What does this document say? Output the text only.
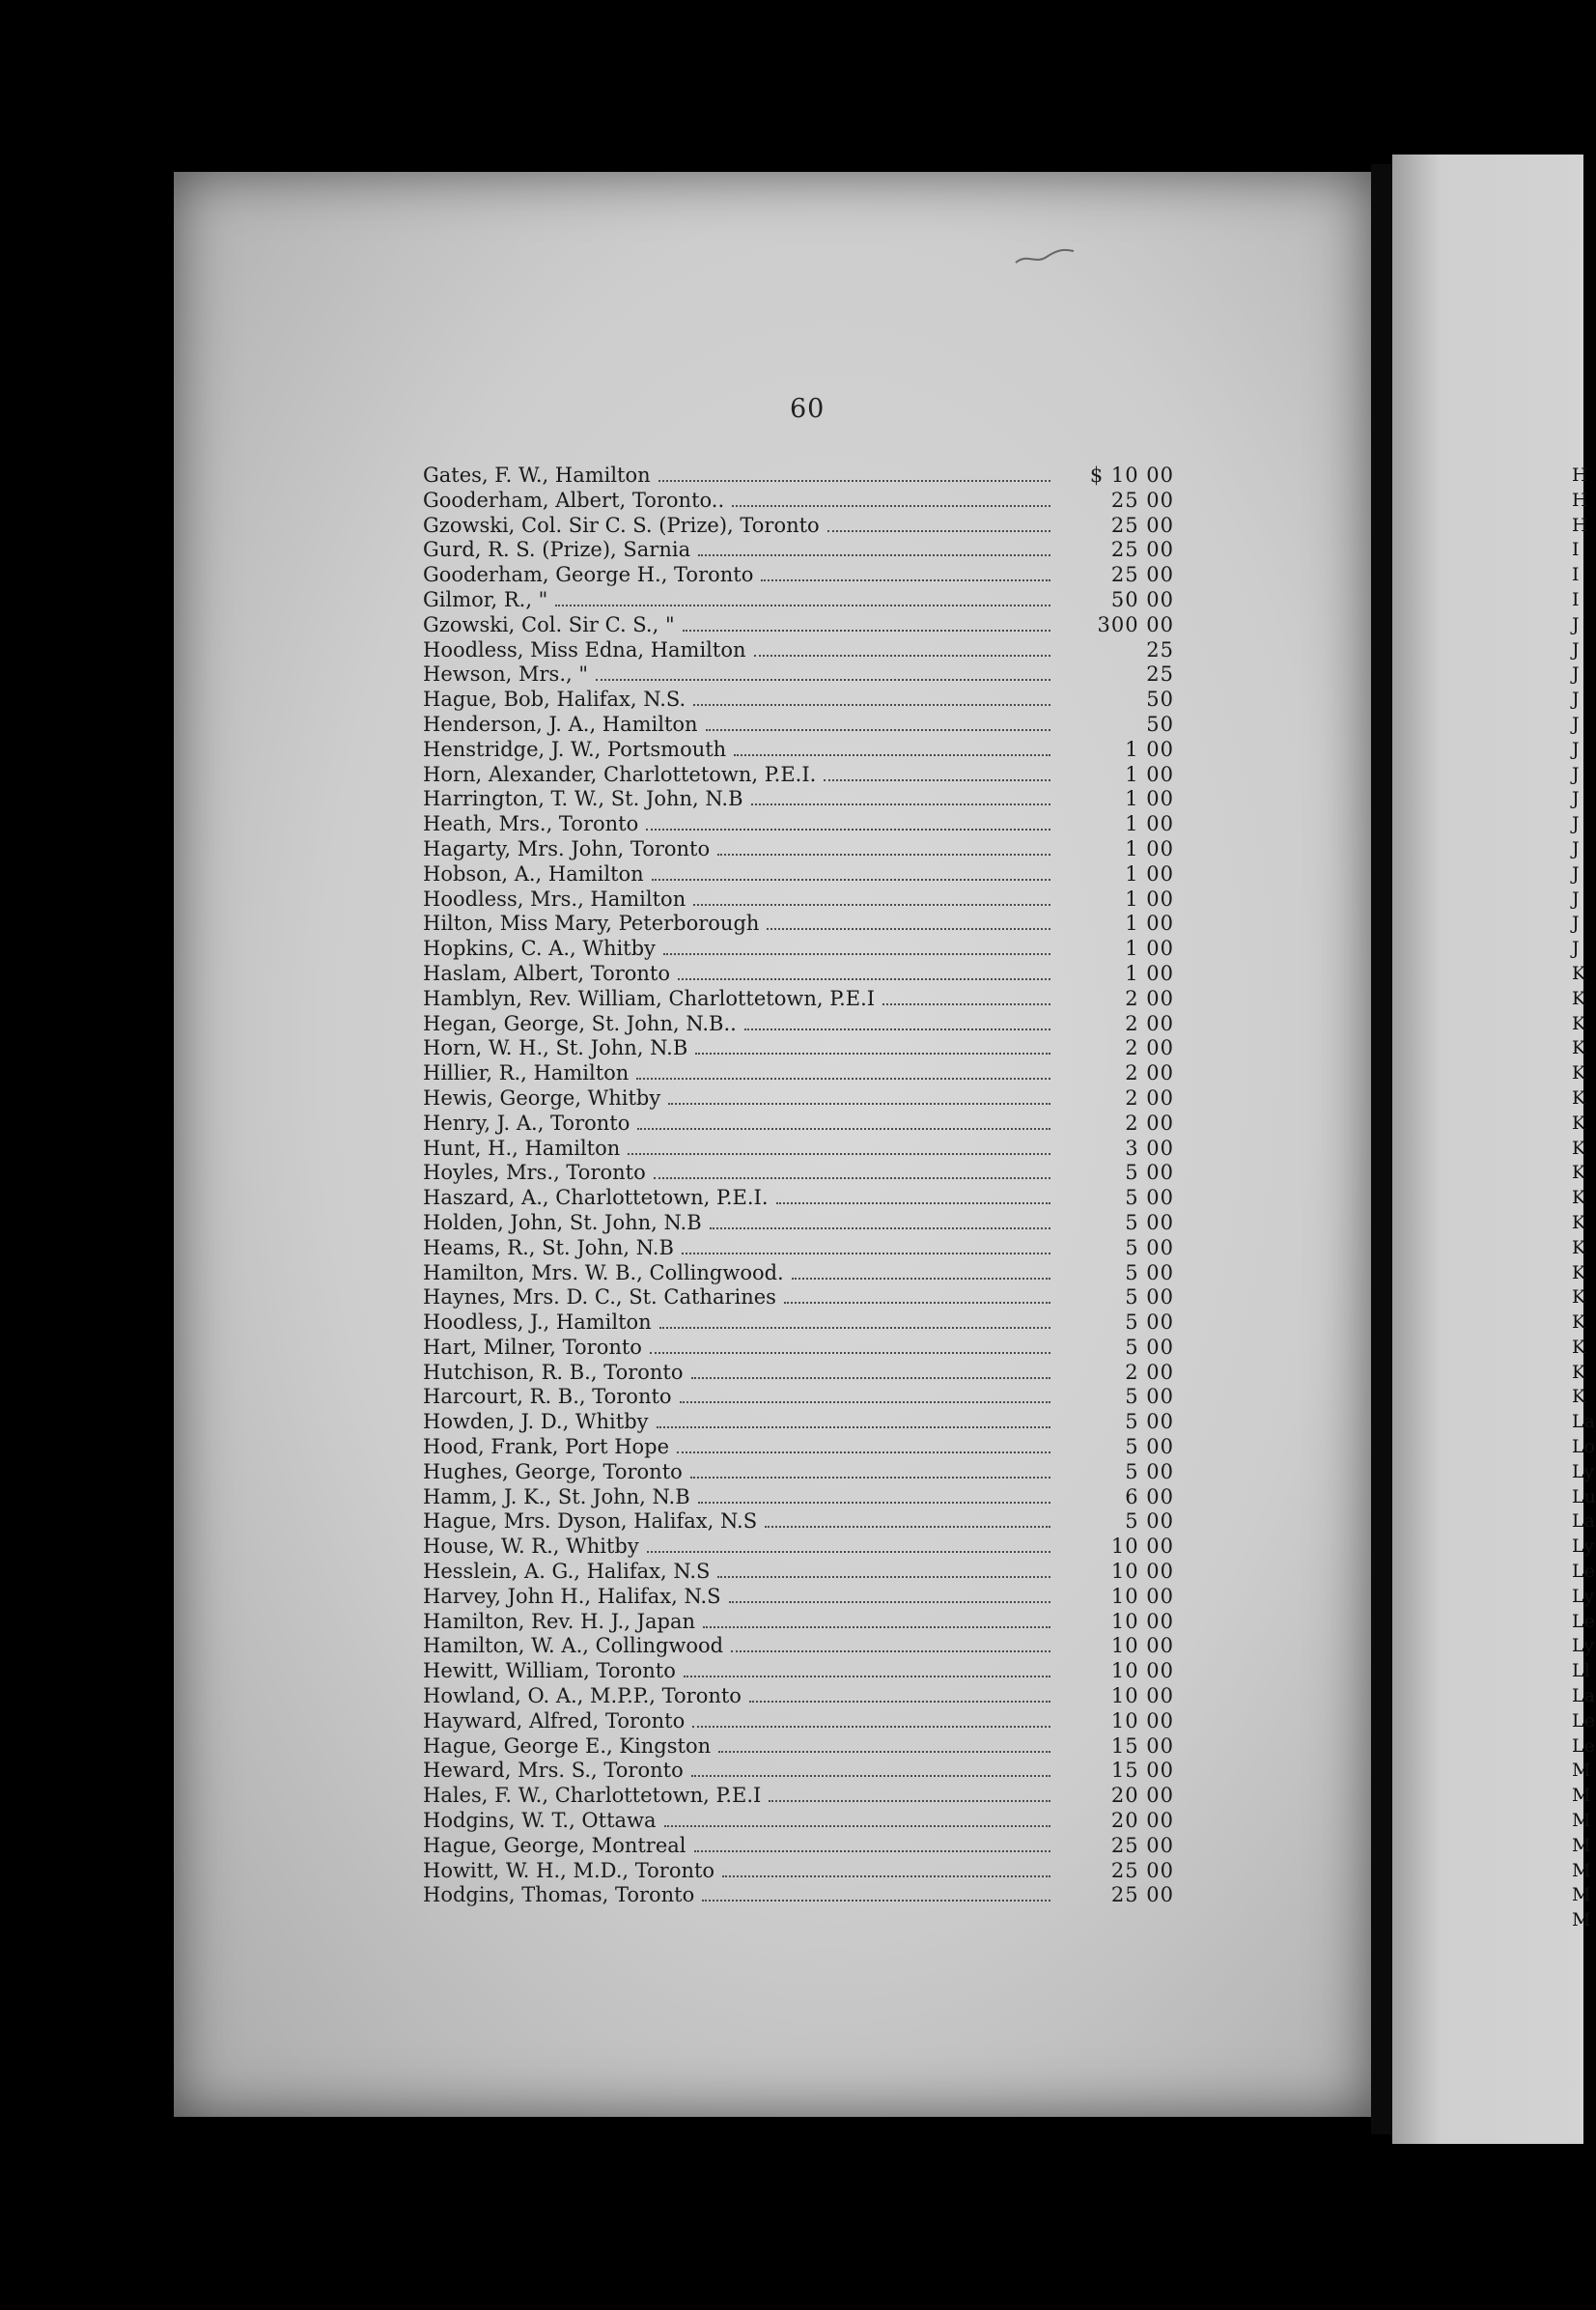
60
Gates, F. W., Hamilton	$ 10 00
Gooderham, Albert, Toronto..	25 00
Gzowski, Col. Sir C. S. (Prize), Toronto	25 00
Gurd, R. S. (Prize), Sarnia	25 00
Gooderham, George H., Toronto	25 00
Gilmor, R., "	50 00
Gzowski, Col. Sir C. S., "	300 00
Hoodless, Miss Edna, Hamilton	25
Hewson, Mrs., "	25
Hague, Bob, Halifax, N.S.	50
Henderson, J. A., Hamilton	50
Henstridge, J. W., Portsmouth	1 00
Horn, Alexander, Charlottetown, P.E.I.	1 00
Harrington, T. W., St. John, N.B	1 00
Heath, Mrs., Toronto	1 00
Hagarty, Mrs. John, Toronto	1 00
Hobson, A., Hamilton	1 00
Hoodless, Mrs., Hamilton	1 00
Hilton, Miss Mary, Peterborough	1 00
Hopkins, C. A., Whitby	1 00
Haslam, Albert, Toronto	1 00
Hamblyn, Rev. William, Charlottetown, P.E.I	2 00
Hegan, George, St. John, N.B..	2 00
Horn, W. H., St. John, N.B	2 00
Hillier, R., Hamilton	2 00
Hewis, George, Whitby	2 00
Henry, J. A., Toronto	2 00
Hunt, H., Hamilton	3 00
Hoyles, Mrs., Toronto	5 00
Haszard, A., Charlottetown, P.E.I.	5 00
Holden, John, St. John, N.B	5 00
Heams, R., St. John, N.B	5 00
Hamilton, Mrs. W. B., Collingwood.	5 00
Haynes, Mrs. D. C., St. Catharines	5 00
Hoodless, J., Hamilton	5 00
Hart, Milner, Toronto	5 00
Hutchison, R. B., Toronto	2 00
Harcourt, R. B., Toronto	5 00
Howden, J. D., Whitby	5 00
Hood, Frank, Port Hope	5 00
Hughes, George, Toronto	5 00
Hamm, J. K., St. John, N.B	6 00
Hague, Mrs. Dyson, Halifax, N.S	5 00
House, W. R., Whitby	10 00
Hesslein, A. G., Halifax, N.S	10 00
Harvey, John H., Halifax, N.S	10 00
Hamilton, Rev. H. J., Japan	10 00
Hamilton, W. A., Collingwood	10 00
Hewitt, William, Toronto	10 00
Howland, O. A., M.P.P., Toronto	10 00
Hayward, Alfred, Toronto	10 00
Hague, George E., Kingston	15 00
Heward, Mrs. S., Toronto	15 00
Hales, F. W., Charlottetown, P.E.I	20 00
Hodgins, W. T., Ottawa	20 00
Hague, George, Montreal	25 00
Howitt, W. H., M.D., Toronto	25 00
Hodgins, Thomas, Toronto	25 00
H
H
H
I
I
I
J
J
J
J
J
J
J
J
J
J
J
J
J
J
K
K
K
K
K
K
K
K
K
K
K
K
K
K
K
K
K
K
La
Lo
Ly
Lu
La
Ly
Le
Ly
Le
Ly
Ll
La
Le
Le
M
M
M
M
M
M
M
